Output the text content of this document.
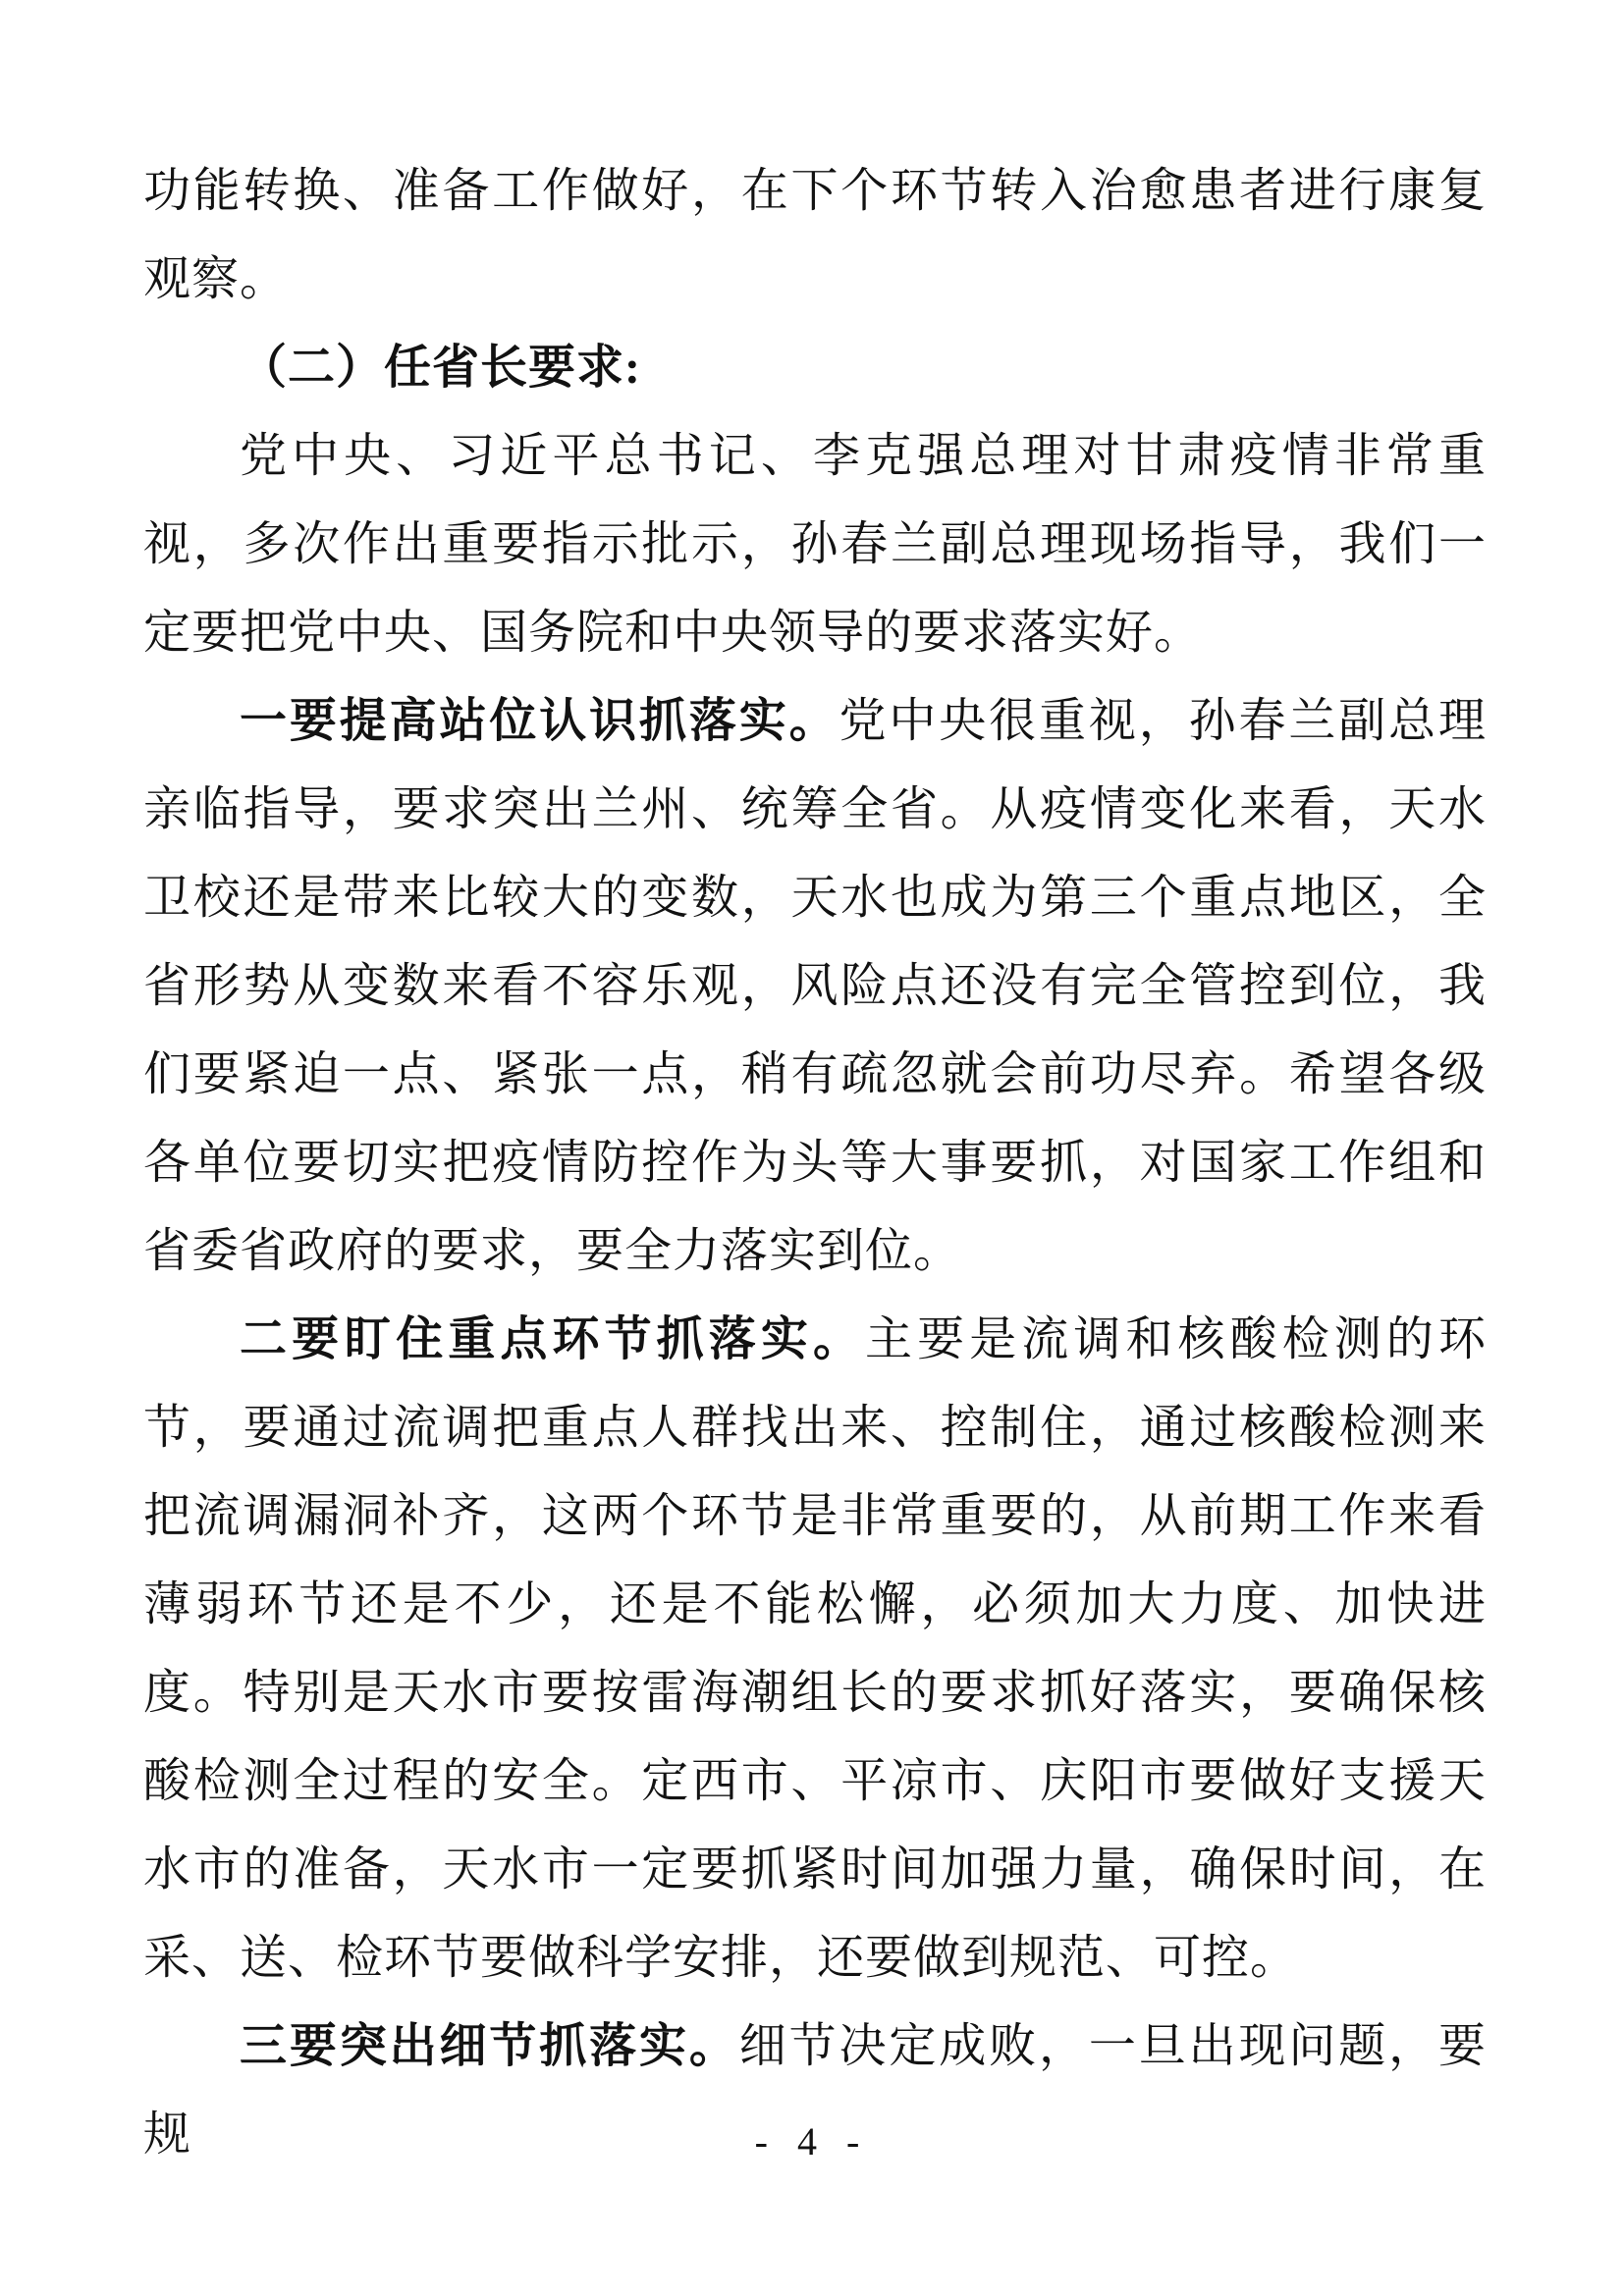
功能转换、准备工作做好，在下个环节转入治愈患者进行康复观察。

（二）任省长要求:

党中央、习近平总书记、李克强总理对甘肃疫情非常重视，多次作出重要指示批示，孙春兰副总理现场指导，我们一定要把党中央、国务院和中央领导的要求落实好。

一要提高站位认识抓落实。党中央很重视，孙春兰副总理亲临指导，要求突出兰州、统筹全省。从疫情变化来看，天水卫校还是带来比较大的变数，天水也成为第三个重点地区，全省形势从变数来看不容乐观，风险点还没有完全管控到位，我们要紧迫一点、紧张一点，稍有疏忽就会前功尽弃。希望各级各单位要切实把疫情防控作为头等大事要抓，对国家工作组和省委省政府的要求，要全力落实到位。

二要盯住重点环节抓落实。主要是流调和核酸检测的环节，要通过流调把重点人群找出来、控制住，通过核酸检测来把流调漏洞补齐，这两个环节是非常重要的，从前期工作来看薄弱环节还是不少，还是不能松懈，必须加大力度、加快进度。特别是天水市要按雷海潮组长的要求抓好落实，要确保核酸检测全过程的安全。定西市、平凉市、庆阳市要做好支援天水市的准备，天水市一定要抓紧时间加强力量，确保时间，在采、送、检环节要做科学安排，还要做到规范、可控。

三要突出细节抓落实。细节决定成败，一旦出现问题，要规	- 4 -
